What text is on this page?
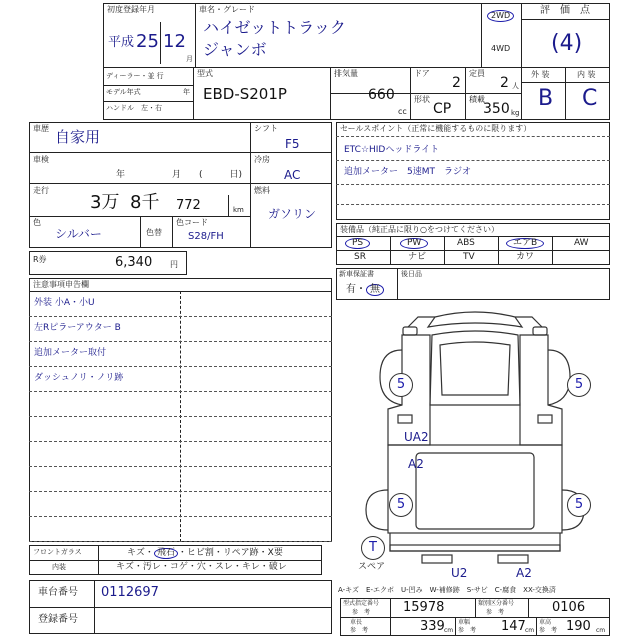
初度登録年月
平成 25 12
月
車名・グレード
ハイゼットトラック
ジャンボ
2WD
4WD
評　価　点
(4)
ディーラー・並 行
モデル年式	年
ハンドル　左・右
型式
EBD-S201P
排気量
660
cc
ドア
2
定員
2 人
形状
CP
積載
350 kg
外 装	内 装
B C
車歴 自家用
車検
年	月 (　　　日)
走行
3万 8千 772	km
色
シルバー	色替
色コード
S28/FH
シフト
F5
冷房
AC
燃料
ガソリン
R券	6,340 円
セールスポイント（正常に機能するものに限ります）
ETC☆HIDヘッドライト
追加メーター　5速MT　ラジオ
装備品（純正品に限り○をつけてください）
PS	PW	ABS	エアB	AW
SR	ナビ	TV	カワ
新車保証書
有・ 無
後日品
注意事項申告欄
外装 小A・小U
左Rピラーアウター B
追加メーター取付
ダッシュノリ・ノリ跡
フロントガラス	キズ・ 飛石 ・ヒビ割・リペア跡・X要
内装	キズ・汚レ・コゲ・穴・スレ・キレ・破レ
車台番号 0112697
登録番号
5	5
5	5
UA2
A2
T
スペア	U2	A2
A-キズ　E-エクボ　U-凹み　W-補修跡　S-サビ　C-腐食　XX-交換済
型式指定番号
参　考	15978	類別区分番号
参　考	0106
車長
参　考	339 cm
車幅
参　考 147 cm
車高
参　考 190 cm
